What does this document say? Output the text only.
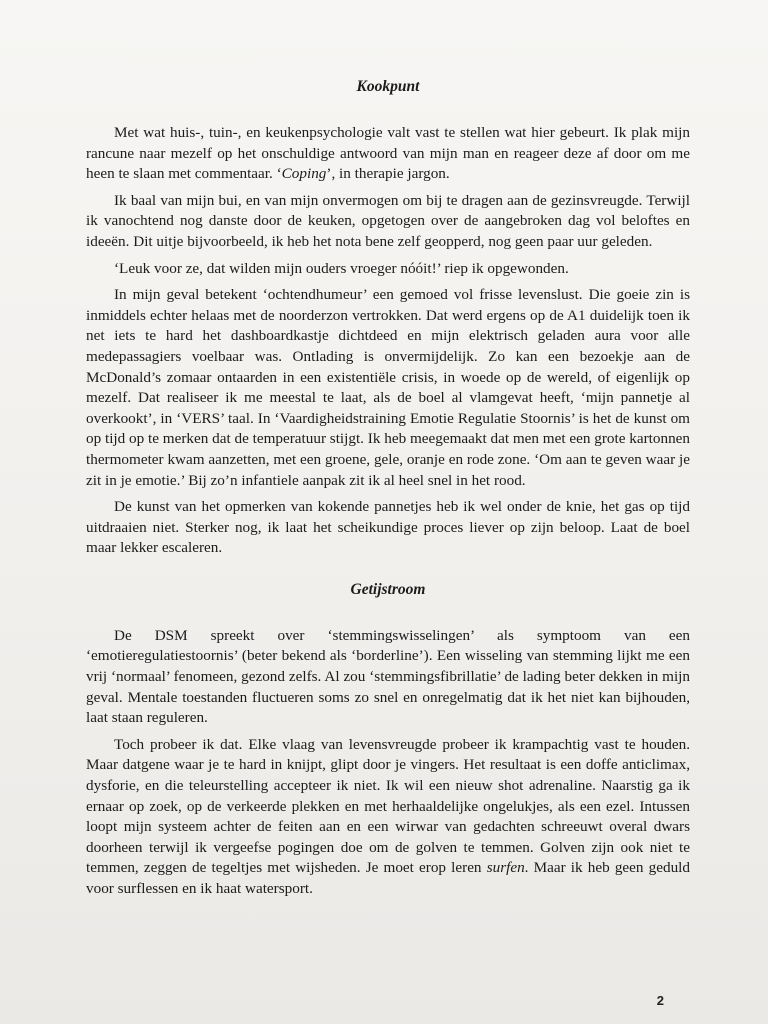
Kookpunt

Met wat huis-, tuin-, en keukenpsychologie valt vast te stellen wat hier gebeurt. Ik plak mijn rancune naar mezelf op het onschuldige antwoord van mijn man en reageer deze af door om me heen te slaan met commentaar. ‘Coping’, in therapie jargon.

Ik baal van mijn bui, en van mijn onvermogen om bij te dragen aan de gezinsvreugde. Terwijl ik vanochtend nog danste door de keuken, opgetogen over de aangebroken dag vol beloftes en ideeën. Dit uitje bijvoorbeeld, ik heb het nota bene zelf geopperd, nog geen paar uur geleden.

‘Leuk voor ze, dat wilden mijn ouders vroeger nóóit!’ riep ik opgewonden.

In mijn geval betekent ‘ochtendhumeur’ een gemoed vol frisse levenslust. Die goeie zin is inmiddels echter helaas met de noorderzon vertrokken. Dat werd ergens op de A1 duidelijk toen ik net iets te hard het dashboardkastje dichtdeed en mijn elektrisch geladen aura voor alle medepassagiers voelbaar was. Ontlading is onvermijdelijk. Zo kan een bezoekje aan de McDonald’s zomaar ontaarden in een existentiële crisis, in woede op de wereld, of eigenlijk op mezelf. Dat realiseer ik me meestal te laat, als de boel al vlamgevat heeft, ‘mijn pannetje al overkookt’, in ‘VERS’ taal. In ‘Vaardigheidstraining Emotie Regulatie Stoornis’ is het de kunst om op tijd op te merken dat de temperatuur stijgt. Ik heb meegemaakt dat men met een grote kartonnen thermometer kwam aanzetten, met een groene, gele, oranje en rode zone. ‘Om aan te geven waar je zit in je emotie.’ Bij zo’n infantiele aanpak zit ik al heel snel in het rood.

De kunst van het opmerken van kokende pannetjes heb ik wel onder de knie, het gas op tijd uitdraaien niet. Sterker nog, ik laat het scheikundige proces liever op zijn beloop. Laat de boel maar lekker escaleren.

Getijstroom

De DSM spreekt over ‘stemmingswisselingen’ als symptoom van een ‘emotieregulatiestoornis’ (beter bekend als ‘borderline’). Een wisseling van stemming lijkt me een vrij ‘normaal’ fenomeen, gezond zelfs. Al zou ‘stemmingsfibrillatie’ de lading beter dekken in mijn geval. Mentale toestanden fluctueren soms zo snel en onregelmatig dat ik het niet kan bijhouden, laat staan reguleren.

Toch probeer ik dat. Elke vlaag van levensvreugde probeer ik krampachtig vast te houden. Maar datgene waar je te hard in knijpt, glipt door je vingers. Het resultaat is een doffe anticlimax, dysforie, en die teleurstelling accepteer ik niet. Ik wil een nieuw shot adrenaline. Naarstig ga ik ernaar op zoek, op de verkeerde plekken en met herhaaldelijke ongelukjes, als een ezel. Intussen loopt mijn systeem achter de feiten aan en een wirwar van gedachten schreeuwt overal dwars doorheen terwijl ik vergeefse pogingen doe om de golven te temmen. Golven zijn ook niet te temmen, zeggen de tegeltjes met wijsheden. Je moet erop leren surfen. Maar ik heb geen geduld voor surflessen en ik haat watersport.

2
